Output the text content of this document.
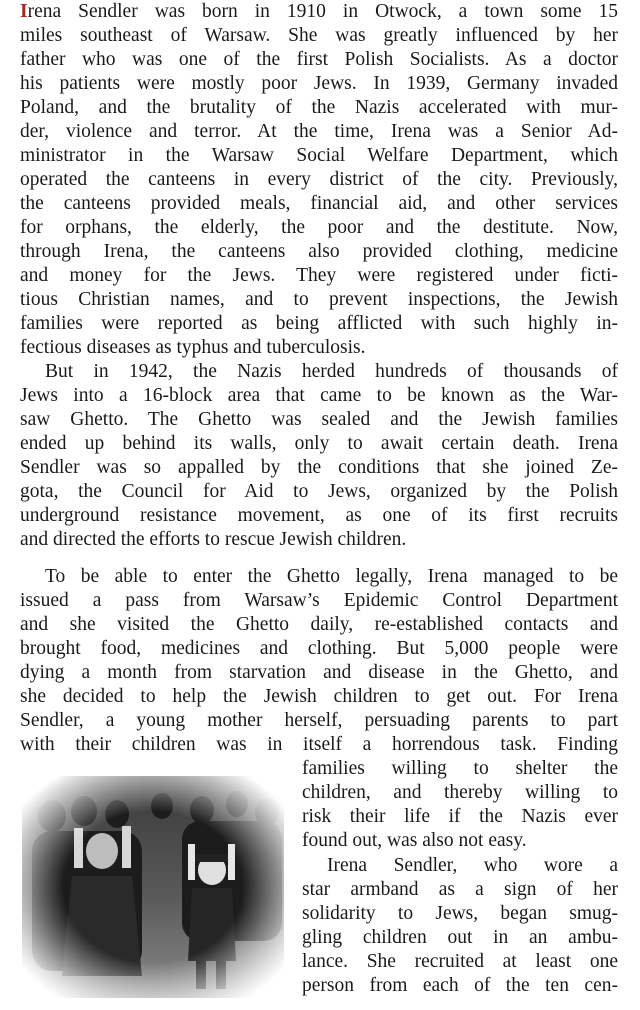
Irena Sendler was born in 1910 in Otwock, a town some 15
miles southeast of Warsaw. She was greatly influenced by her
father who was one of the first Polish Socialists. As a doctor
his patients were mostly poor Jews. In 1939, Germany invaded
Poland, and the brutality of the Nazis accelerated with mur-
der, violence and terror. At the time, Irena was a Senior Ad-
ministrator in the Warsaw Social Welfare Department, which
operated the canteens in every district of the city. Previously,
the canteens provided meals, financial aid, and other services
for orphans, the elderly, the poor and the destitute. Now,
through Irena, the canteens also provided clothing, medicine
and money for the Jews. They were registered under ficti-
tious Christian names, and to prevent inspections, the Jewish
families were reported as being afflicted with such highly in-
fectious diseases as typhus and tuberculosis.
But in 1942, the Nazis herded hundreds of thousands of
Jews into a 16-block area that came to be known as the War-
saw Ghetto. The Ghetto was sealed and the Jewish families
ended up behind its walls, only to await certain death. Irena
Sendler was so appalled by the conditions that she joined Ze-
gota, the Council for Aid to Jews, organized by the Polish
underground resistance movement, as one of its first recruits
and directed the efforts to rescue Jewish children.
To be able to enter the Ghetto legally, Irena managed to be
issued a pass from Warsaw’s Epidemic Control Department
and she visited the Ghetto daily, re-established contacts and
brought food, medicines and clothing. But 5,000 people were
dying a month from starvation and disease in the Ghetto, and
she decided to help the Jewish children to get out. For Irena
Sendler, a young mother herself, persuading parents to part
with their children was in itself a horrendous task. Finding
families willing to shelter the
children, and thereby willing to
risk their life if the Nazis ever
found out, was also not easy.
Irena Sendler, who wore a
star armband as a sign of her
solidarity to Jews, began smug-
gling children out in an ambu-
lance. She recruited at least one
person from each of the ten cen-
